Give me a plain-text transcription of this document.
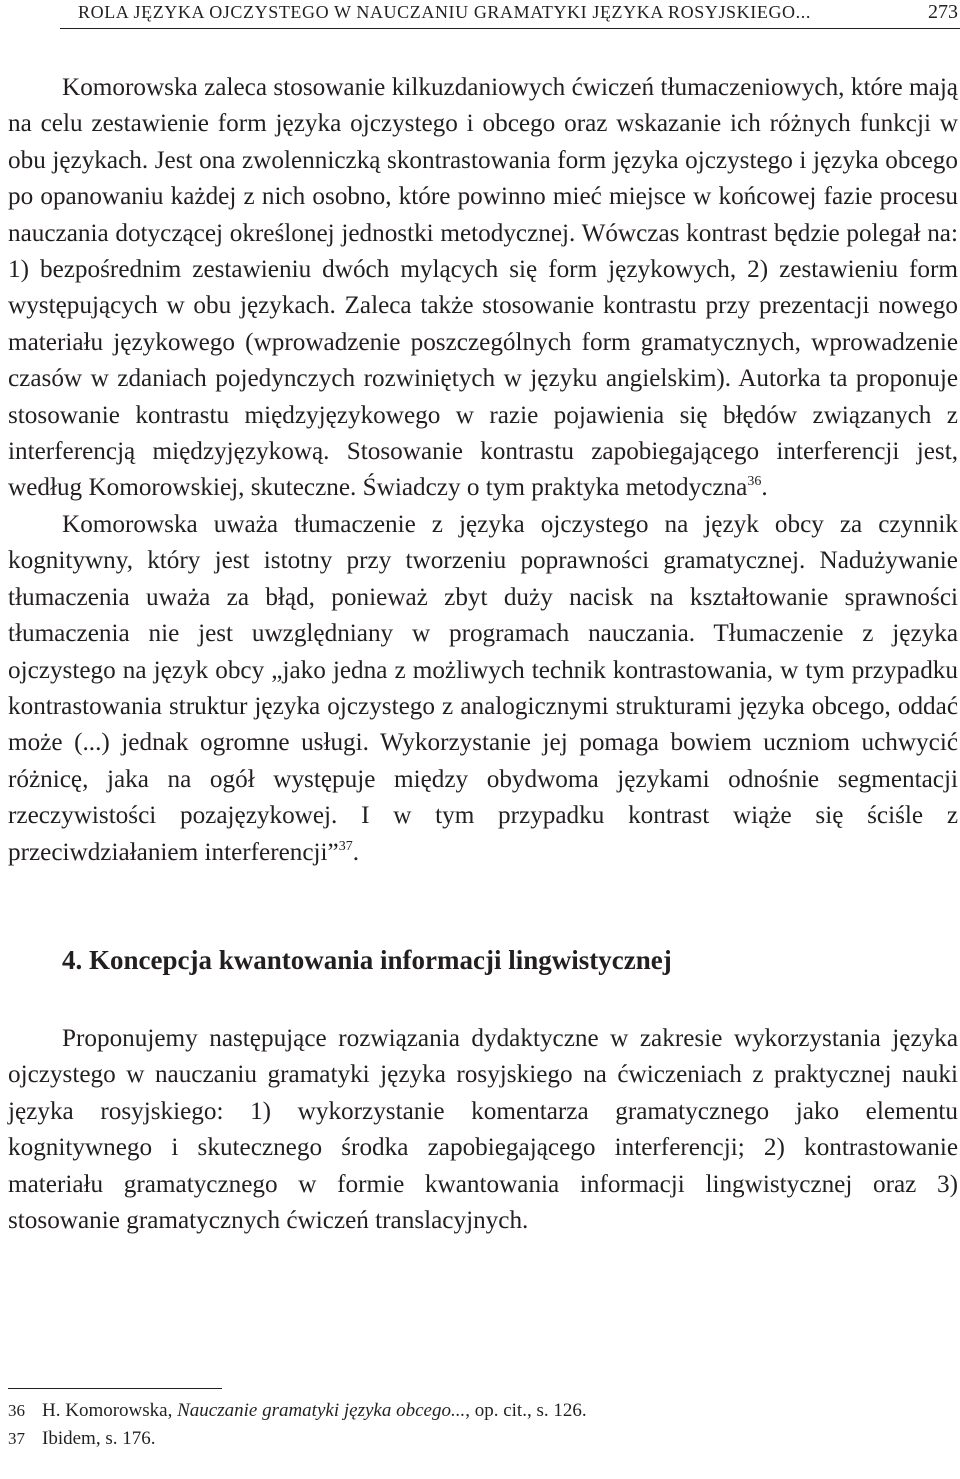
ROLA JĘZYKA OJCZYSTEGO W NAUCZANIU GRAMATYKI JĘZYKA ROSYJSKIEGO...	273

Komorowska zaleca stosowanie kilkuzdaniowych ćwiczeń tłumaczeniowych, które mają na celu zestawienie form języka ojczystego i obcego oraz wskazanie ich różnych funkcji w obu językach. Jest ona zwolenniczką skontrastowania form języka ojczystego i języka obcego po opanowaniu każdej z nich osobno, które powinno mieć miejsce w końcowej fazie procesu nauczania dotyczącej określonej jednostki metodycznej. Wówczas kontrast będzie polegał na: 1) bezpośrednim zestawieniu dwóch mylących się form językowych, 2) zestawieniu form występujących w obu językach. Zaleca także stosowanie kontrastu przy prezentacji nowego materiału językowego (wprowadzenie poszczególnych form gramatycznych, wprowadzenie czasów w zdaniach pojedynczych rozwiniętych w języku angielskim). Autorka ta proponuje stosowanie kontrastu międzyjęzykowego w razie pojawienia się błędów związanych z interferencją międzyjęzykową. Stosowanie kontrastu zapobiegającego interferencji jest, według Komorowskiej, skuteczne. Świadczy o tym praktyka metodyczna$^{36}$.

Komorowska uważa tłumaczenie z języka ojczystego na język obcy za czynnik kognitywny, który jest istotny przy tworzeniu poprawności gramatycznej. Nadużywanie tłumaczenia uważa za błąd, ponieważ zbyt duży nacisk na kształtowanie sprawności tłumaczenia nie jest uwzględniany w programach nauczania. Tłumaczenie z języka ojczystego na język obcy „jako jedna z możliwych technik kontrastowania, w tym przypadku kontrastowania struktur języka ojczystego z analogicznymi strukturami języka obcego, oddać może (...) jednak ogromne usługi. Wykorzystanie jej pomaga bowiem uczniom uchwycić różnicę, jaka na ogół występuje między obydwoma językami odnośnie segmentacji rzeczywistości pozajęzykowej. I w tym przypadku kontrast wiąże się ściśle z przeciwdziałaniem interferencji”$^{37}$.

4. Koncepcja kwantowania informacji lingwistycznej

Proponujemy następujące rozwiązania dydaktyczne w zakresie wykorzystania języka ojczystego w nauczaniu gramatyki języka rosyjskiego na ćwiczeniach z praktycznej nauki języka rosyjskiego: 1) wykorzystanie komentarza gramatycznego jako elementu kognitywnego i skutecznego środka zapobiegającego interferencji; 2) kontrastowanie materiału gramatycznego w formie kwantowania informacji lingwistycznej oraz 3) stosowanie gramatycznych ćwiczeń translacyjnych.

36 H. Komorowska, Nauczanie gramatyki języka obcego..., op. cit., s. 126.
37 Ibidem, s. 176.
